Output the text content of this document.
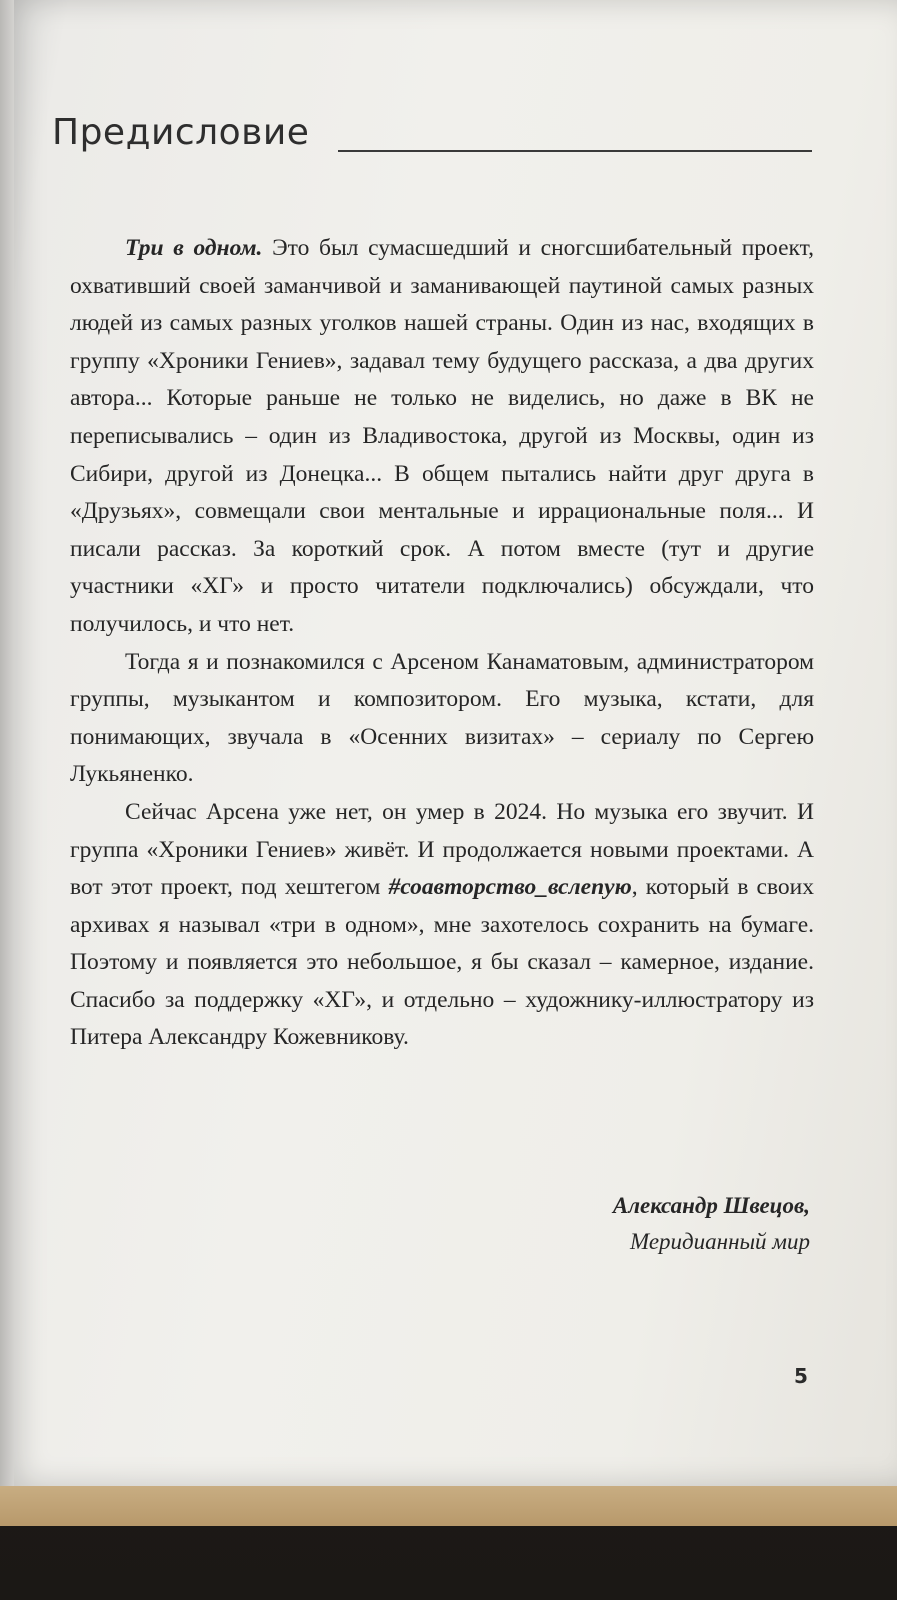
Предисловие

Три в одном. Это был сумасшедший и сногсшибательный проект, охвативший своей заманчивой и заманивающей паутиной самых разных людей из самых разных уголков нашей страны. Один из нас, входящих в группу «Хроники Гениев», задавал тему будущего рассказа, а два других автора... Которые раньше не только не виделись, но даже в ВК не переписывались – один из Владивостока, другой из Москвы, один из Сибири, другой из Донецка... В общем пытались найти друг друга в «Друзьях», совмещали свои ментальные и иррациональные поля... И писали рассказ. За короткий срок. А потом вместе (тут и другие участники «ХГ» и просто читатели подключались) обсуждали, что получилось, и что нет.

Тогда я и познакомился с Арсеном Канаматовым, администратором группы, музыкантом и композитором. Его музыка, кстати, для понимающих, звучала в «Осенних визитах» – сериалу по Сергею Лукьяненко.

Сейчас Арсена уже нет, он умер в 2024. Но музыка его звучит. И группа «Хроники Гениев» живёт. И продолжается новыми проектами. А вот этот проект, под хештегом #соавторство_вслепую, который в своих архивах я называл «три в одном», мне захотелось сохранить на бумаге. Поэтому и появляется это небольшое, я бы сказал – камерное, издание. Спасибо за поддержку «ХГ», и отдельно – художнику-иллюстратору из Питера Александру Кожевникову.

Александр Швецов,
Меридианный мир
5
